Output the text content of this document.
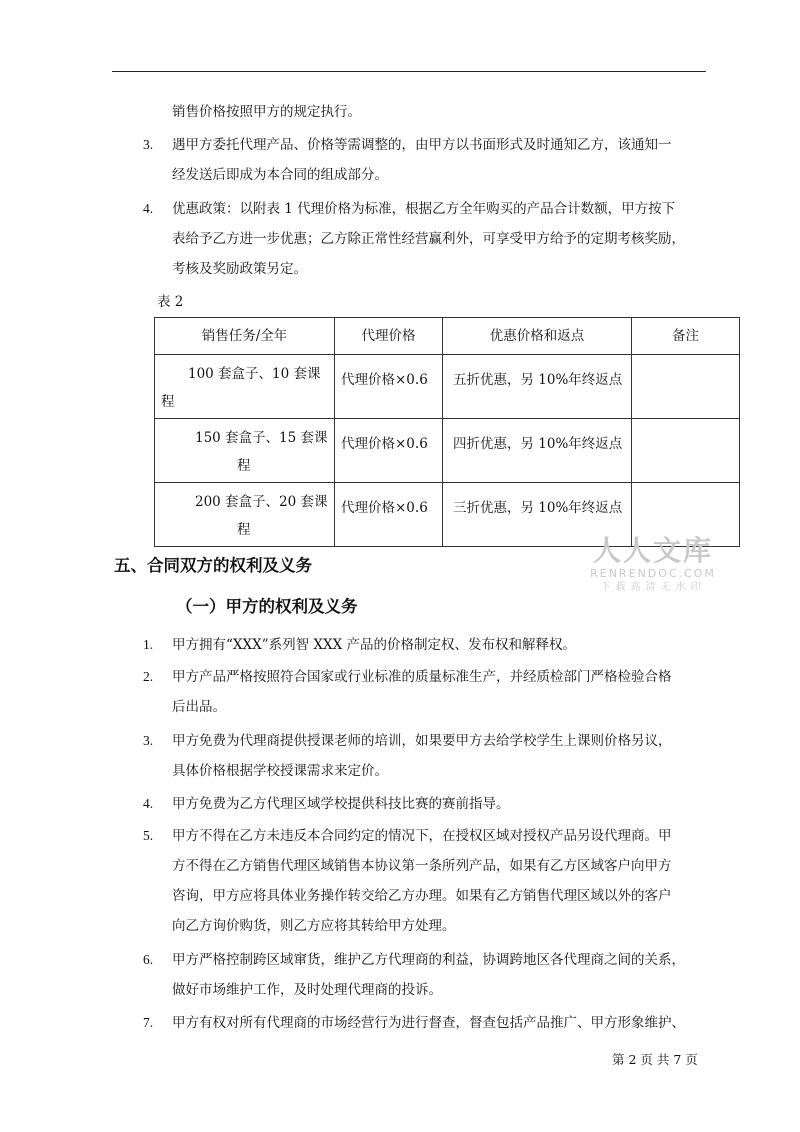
销售价格按照甲方的规定执行。
3. 遇甲方委托代理产品、价格等需调整的，由甲方以书面形式及时通知乙方，该通知一
经发送后即成为本合同的组成部分。
4. 优惠政策：以附表 1 代理价格为标准，根据乙方全年购买的产品合计数额，甲方按下
表给予乙方进一步优惠；乙方除正常性经营赢利外，可享受甲方给予的定期考核奖励，
考核及奖励政策另定。
表 2
销售任务/全年	代理价格	优惠价格和返点	备注

100 套盒子、10 套课
程	代理价格×0.6	五折优惠，另 10%年终返点	

150 套盒子、15 套课
程	代理价格×0.6	四折优惠，另 10%年终返点	

200 套盒子、20 套课
程	代理价格×0.6	三折优惠，另 10%年终返点	

五、合同双方的权利及义务
（一）甲方的权利及义务
人人文库
RENRENDOC.COM
下载高清无水印
1. 甲方拥有“XXX”系列智 XXX 产品的价格制定权、发布权和解释权。
2. 甲方产品严格按照符合国家或行业标准的质量标准生产，并经质检部门严格检验合格
后出品。
3. 甲方免费为代理商提供授课老师的培训，如果要甲方去给学校学生上课则价格另议，
具体价格根据学校授课需求来定价。
4. 甲方免费为乙方代理区域学校提供科技比赛的赛前指导。
5. 甲方不得在乙方未违反本合同约定的情况下，在授权区域对授权产品另设代理商。甲
方不得在乙方销售代理区域销售本协议第一条所列产品，如果有乙方区域客户向甲方
咨询，甲方应将具体业务操作转交给乙方办理。如果有乙方销售代理区域以外的客户
向乙方询价购货，则乙方应将其转给甲方处理。
6. 甲方严格控制跨区域窜货，维护乙方代理商的利益，协调跨地区各代理商之间的关系，
做好市场维护工作，及时处理代理商的投诉。
7. 甲方有权对所有代理商的市场经营行为进行督查，督查包括产品推广、甲方形象维护、
第 2 页 共 7 页
